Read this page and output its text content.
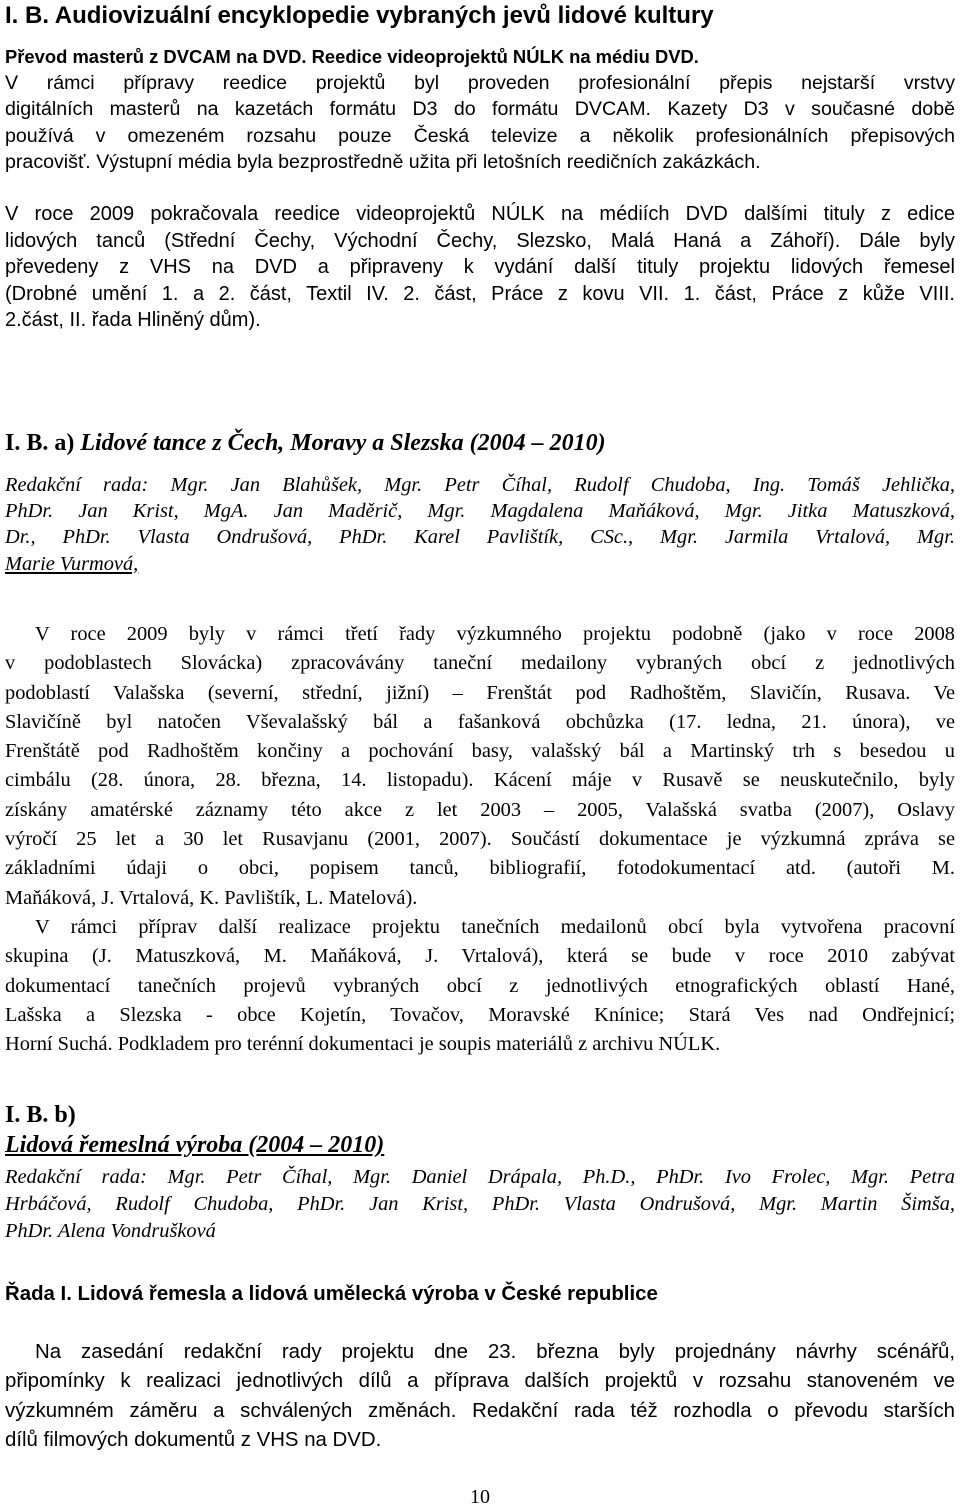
I. B. Audiovizuální encyklopedie vybraných jevů lidové kultury
Převod masterů z DVCAM na DVD. Reedice videoprojektů NÚLK na médiu DVD.
V rámci přípravy reedice projektů byl proveden profesionální přepis nejstarší vrstvy
digitálních masterů na kazetách formátu D3 do formátu DVCAM. Kazety D3 v současné době
používá v omezeném rozsahu pouze Česká televize a několik profesionálních přepisových
pracovišť. Výstupní média byla bezprostředně užita při letošních reedičních zakázkách.
V roce 2009 pokračovala reedice videoprojektů NÚLK na médiích DVD dalšími tituly z edice
lidových tanců (Střední Čechy, Východní Čechy, Slezsko, Malá Haná a Záhoří). Dále byly
převedeny z VHS na DVD a připraveny k vydání další tituly projektu lidových řemesel
(Drobné umění 1. a 2. část, Textil IV. 2. část, Práce z kovu VII. 1. část, Práce z kůže VIII.
2.část, II. řada Hliněný dům).
I. B. a) Lidové tance z Čech, Moravy a Slezska (2004 – 2010)
Redakční rada: Mgr. Jan Blahůšek, Mgr. Petr Číhal, Rudolf Chudoba, Ing. Tomáš Jehlička,
PhDr. Jan Krist, MgA. Jan Maděrič, Mgr. Magdalena Maňáková, Mgr. Jitka Matuszková,
Dr., PhDr. Vlasta Ondrušová, PhDr. Karel Pavlištík, CSc., Mgr. Jarmila Vrtalová, Mgr.
Marie Vurmová,
V roce 2009 byly v rámci třetí řady výzkumného projektu podobně (jako v roce 2008
v podoblastech Slovácka) zpracovávány taneční medailony vybraných obcí z jednotlivých
podoblastí Valašska (severní, střední, jižní) – Frenštát pod Radhoštěm, Slavičín, Rusava. Ve
Slavičíně byl natočen Vševalašský bál a fašanková obchůzka (17. ledna, 21. února), ve
Frenštátě pod Radhoštěm končiny a pochování basy, valašský bál a Martinský trh s besedou u
cimbálu (28. února, 28. března, 14. listopadu). Kácení máje v Rusavě se neuskutečnilo, byly
získány amatérské záznamy této akce z let 2003 – 2005, Valašská svatba (2007), Oslavy
výročí 25 let a 30 let Rusavjanu (2001, 2007). Součástí dokumentace je výzkumná zpráva se
základními údaji o obci, popisem tanců, bibliografií, fotodokumentací atd. (autoři M.
Maňáková, J. Vrtalová, K. Pavlištík, L. Matelová).
V rámci příprav další realizace projektu tanečních medailonů obcí byla vytvořena pracovní
skupina (J. Matuszková, M. Maňáková, J. Vrtalová), která se bude v roce 2010 zabývat
dokumentací tanečních projevů vybraných obcí z jednotlivých etnografických oblastí Hané,
Lašska a Slezska - obce Kojetín, Tovačov, Moravské Knínice; Stará Ves nad Ondřejnicí;
Horní Suchá. Podkladem pro terénní dokumentaci je soupis materiálů z archivu NÚLK.
I. B. b)
Lidová řemeslná výroba (2004 – 2010)
Redakční rada: Mgr. Petr Číhal, Mgr. Daniel Drápala, Ph.D., PhDr. Ivo Frolec, Mgr. Petra
Hrbáčová, Rudolf Chudoba, PhDr. Jan Krist, PhDr. Vlasta Ondrušová, Mgr. Martin Šimša,
PhDr. Alena Vondrušková
Řada I. Lidová řemesla a lidová umělecká výroba v České republice
Na zasedání redakční rady projektu dne 23. března byly projednány návrhy scénářů,
připomínky k realizaci jednotlivých dílů a příprava dalších projektů v rozsahu stanoveném ve
výzkumném záměru a schválených změnách. Redakční rada též rozhodla o převodu starších
dílů filmových dokumentů z VHS na DVD.
10
